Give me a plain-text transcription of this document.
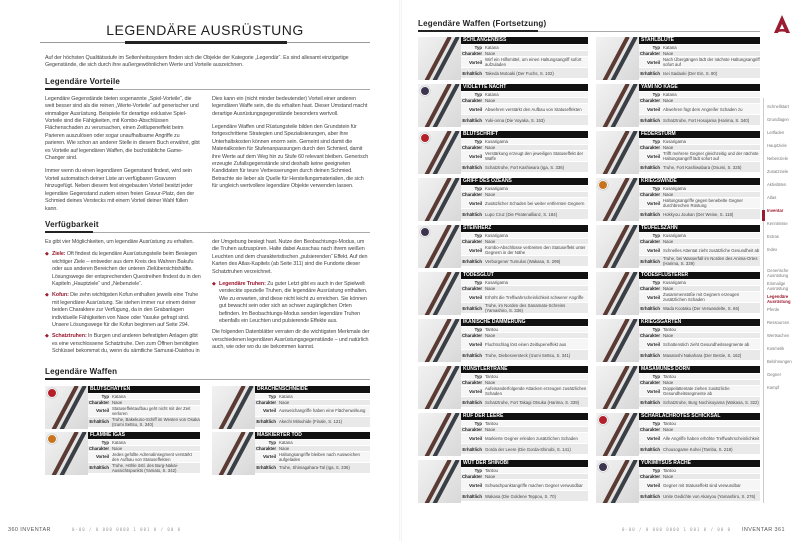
LEGENDÄRE AUSRÜSTUNG

Auf der höchsten Qualitätsstufe im Seltenheitssystem finden sich die Objekte der Kategorie „Legendär“. Es sind allesamt einzigartige Gegenstände, die sich durch ihre außergewöhnlichen Werte und Vorteile auszeichnen.

Legendäre Vorteile

Legendäre Gegenstände bieten sogenannte „Spiel-Vorteile“, die weit besser sind als die reinen „Werte-Vorteile“ auf generischer und einmaliger Ausrüstung. Beispiele für derartige exklusive Spiel-Vorteile sind die Fähigkeiten, mit Kombo-Abschlüssen Flächenschaden zu verursachen, einen Zeitlupeneffekt beim Parieren auszulösen oder sogar unaufhaltsame Angriffe zu parieren. Wie schon an anderer Stelle in diesem Buch erwähnt, gibt es Vorteile auf legendären Waffen, die buchstäbliche Game-Changer sind.

Immer wenn du einen legendären Gegenstand findest, wird sein Vorteil automatisch deiner Liste an verfügbaren Gravuren hinzugefügt. Neben diesem fest eingebauten Vorteil besitzt jeder legendäre Gegenstand zudem einen freien Gravur-Platz, den der Schmied deines Verstecks mit einem Vorteil deiner Wahl füllen kann.

Dies kann ein (nicht minder bedeutender) Vorteil einer anderen legendären Waffe sein, die du erhalten hast. Dieser Umstand macht derartige Ausrüstungsgegenstände besonders wertvoll.

Legendäre Waffen und Rüstungsteile bilden den Grundstein für fortgeschrittene Strategien und Spezialisierungen, aber ihre Unterhaltskosten können enorm sein. Gemeint sind damit die Materialkosten für Stufenanpassungen durch den Schmied, damit ihre Werte auf dem Weg hin zu Stufe 60 relevant bleiben. Generisch erzeugte Zufallsgegenstände sind deshalb keine geeigneten Kandidaten für teure Verbesserungen durch deinen Schmied. Betrachte sie lieber als Quelle für Herstellungsmaterialien, die sich für ungleich wertvollere legendäre Objekte verwenden lassen.

Verfügbarkeit

Es gibt vier Möglichkeiten, um legendäre Ausrüstung zu erhalten.

◆ Ziele: Oft findest du legendäre Ausrüstungsteile beim Besiegen wichtiger Ziele – entweder aus dem Kreis des Wahren Bakufu oder aus anderen Bereichen der unteren Zielübersichtshälfte. Lösungswege der entsprechenden Questreihen findest du in den Kapiteln „Hauptziele“ und „Nebenziele“.
◆ Kofun: Die zehn wichtigsten Kofun enthalten jeweils eine Truhe mit legendärer Ausrüstung. Sie stehen immer nur einem deiner beiden Charaktere zur Verfügung, da in den Grabanlagen individuelle Fähigkeiten von Naoe oder Yasuke gefragt sind. Unsere Lösungswege für die Kofun beginnen auf Seite 294.
◆ Schatztruhen: In Burgen und anderen befestigten Anlagen gibt es eine verschlossene Schatztruhe. Den zum Öffnen benötigten Schlüssel bekommst du, wenn du sämtliche Samurai-Daishou in

der Umgebung besiegt hast. Nutze den Beobachtungs-Modus, um die Truhen aufzuspüren. Halte dabei Ausschau nach ihrem weißen Leuchten und dem charakteristischen „pulsierenden“ Effekt. Auf den Karten des Atlas-Kapitels (ab Seite 311) sind die Fundorte dieser Schatztruhen verzeichnet.

◆ Legendäre Truhen: Zu guter Letzt gibt es auch in der Spielwelt versteckte spezielle Truhen, die legendäre Ausrüstung enthalten. Wie zu erwarten, sind diese nicht leicht zu erreichen. Sie können gut bewacht sein oder sich an schwer zugänglichen Orten befinden. Im Beobachtungs-Modus senden legendäre Truhen ebenfalls ein Leuchten und pulsierende Effekte aus.

Die folgenden Datenblätter verraten dir die wichtigsten Merkmale der verschiedenen legendären Ausrüstungsgegenstände – und natürlich auch, wie oder wo du sie bekommen kannst.

Legendäre Waffen
BLUTSCHATTEN
Typ Katana
Charakter Naoe
Vorteil Statuseffektaufbau geht nicht mit der Zeit verloren
Erhältlich Truhe, Bakekuno-Schiff im Westen von Osaka (Izumi Settsu, S. 340)
DRACHENSCHNEIDE
Typ Katana
Charakter Naoe
Vorteil Ausweichangriffe haben eine Flächenwirkung
Erhältlich Akechi Mitsuhide (Finale, S. 121)
FLAMME IGAS
Typ Katana
Charakter Naoe
Vorteil Jedes gefüllte Adrenalinsegment verstärkt den Aufbau von Statuseffekten
Erhältlich Truhe, Höhle östl. des Burg-Nakai-Aussichtspunkts (Yamato, S. 342)
MASKIERTER TOD
Typ Katana
Charakter Naoe
Vorteil Haltungsangriffe bleiben nach Ausweichen aufgeladen
Erhältlich Truhe, Shimagahara-Tal (Iga, S. 336)
360 INVENTAR	0-00 / 0 000 0000 1 001 0 / 00 0
Legendäre Waffen (Fortsetzung)
SCHLANGENBISS
Typ Katana
Charakter Naoe
Vorteil Wirf ein Hilfsmittel, um einen Haltungsangriff sofort aufzuladen
Erhältlich Takeda Motoaki (Der Fuchs, S. 102)
STAHLBLÜTE
Typ Katana
Charakter Naoe
Vorteil Nach Übergängen lädt der nächste Haltungsangriff sofort auf
Erhältlich Isei Sadaoki (Der Ein, S. 80)
VIOLETTE NACHT
Typ Katana
Charakter Naoe
Vorteil Abwehren verstärkt den Aufbau von Statuseffekten
Erhältlich Yuki-onna (Die Voyaka, S. 153)
YAMI NO KAGE
Typ Katana
Charakter Naoe
Vorteil Abwehren fügt dem Angreifer Schaden zu
Erhältlich Schatztruhe, Fort Hosojama (Harima, S. 340)
BLUTSCHRIFT
Typ Kusarigama
Charakter Naoe
Vorteil Verstärkung erzeugt den jeweiligen Statuseffekt der Waffe
Erhältlich Schatztruhe, Fort Kashiwara (Iga, S. 336)
FEDERSTURM
Typ Kusarigama
Charakter Naoe
Vorteil Trifft mehrere Gegner gleichzeitig und der nächste Haltungsangriff lädt sofort auf
Erhältlich Truhe, Fort Kashiwabara (Osumi, S. 325)
GRIFF DES OZEANS
Typ Kusarigama
Charakter Naoe
Vorteil Zusätzlicher Schaden bei weiter entfernten Gegnern
Erhältlich Lupo Cruz (Die Piratenallianz, S. 184)
KRIEGSWINDE
Typ Kusarigama
Charakter Naoe
Vorteil Haltungsangriffe gegen benebelte Gegner durchbrechen Rüstung
Erhältlich Hokkyou Joukan (Der Weise, S. 118)
STEINHERZ
Typ Kusarigama
Charakter Naoe
Vorteil Kombo-Abschlüsse verbreiten den Statuseffekt unter Gegnern in der Nähe
Erhältlich Verborgener Tumulus (Wakasa, S. 299)
TEUFELSZAHN
Typ Kusarigama
Charakter Naoe
Vorteil Schnelles Attentat zieht zusätzliche Gesundheit ab
Erhältlich Truhe, bei Wasserfall im Norden des Anima-Ortes (Harima, S. 339)
TODESGLUT
Typ Kusarigama
Charakter Naoe
Vorteil Erhöht die Treffwahrscheinlichkeit schwerer Angriffe
Erhältlich Truhe, im Norden des Sanamato-Schreins (Yamashiro, S. 336)
TODESFLÜSTERER
Typ Kusarigama
Charakter Naoe
Vorteil Zusammenstöße mit Gegnern erzeugen zusätzlichen Schaden
Erhältlich Wada Kootaku (Der Verwandelte, S. 66)
IKANISCHE DÄMMERUNG
Typ Tantou
Charakter Naoe
Vorteil Fluchtschlag löst einen Zeitlupeneffekt aus
Erhältlich Truhe, Diebesversteck (Izumi Settsu, S. 341)
KRIEGSGARTEN
Typ Tantou
Charakter Naoe
Vorteil Schattenstich zieht Gesundheitssegmente ab
Erhältlich Masatoshi Nakahara (Der Bestie, S. 162)
KÜNSTLERTRÄNE
Typ Tantou
Charakter Naoe
Vorteil Aufeinanderfolgende Attacken erzeugen zusätzlichen Schaden
Erhältlich Schatztruhe, Fort Takagi Otsuka (Harima, S. 339)
MASAMUNES DORN
Typ Tantou
Charakter Naoe
Vorteil Doppelattentate ziehen zusätzliche Gesundheitssegmente ab
Erhältlich Schatztruhe, Burg Nochisoyama (Wakasa, S. 322)
RUF DER LEERE
Typ Tantou
Charakter Naoe
Vorteil Markierte Gegner erleiden zusätzlichen Schaden
Erhältlich Gorda der Leere (Die Gorda-Shinobi, S. 141)
SCHARLACHROTES SCHICKSAL
Typ Tantou
Charakter Naoe
Vorteil Alle Angriffe haben erhöhte Treffwahrscheinlichkeit
Erhältlich Chousogame Kohei (Tamba, S. 218)
WUT DER SHINOBI
Typ Tantou
Charakter Naoe
Vorteil Schwachpunktangriffe machen Gegner verwundbar
Erhältlich Wakasa (Die Goldene Teppou, S. 70)
YUKIMITSUS RACHE
Typ Tantou
Charakter Naoe
Vorteil Gegner mit Statuseffekt sind verwundbar
Erhältlich Unite Gedichte von Akaryou (Yamashiro, S. 276)
0-00 / 0 000 0000 1 001 0 / 00 0 INVENTAR 361
Schnellstart
Grundlagen
Leitfaden
Hauptziele
Nebenziele
Zusatzziele
Aktivitäten
Atlas
Inventar
Kenntnisse
Extras
Index
Generische Ausrüstung
Einmalige Ausrüstung
Legendäre Ausrüstung
Pferde
Ressourcen
Wertsachen
Kosmetik
Belohnungen
Gegner
Kampf
